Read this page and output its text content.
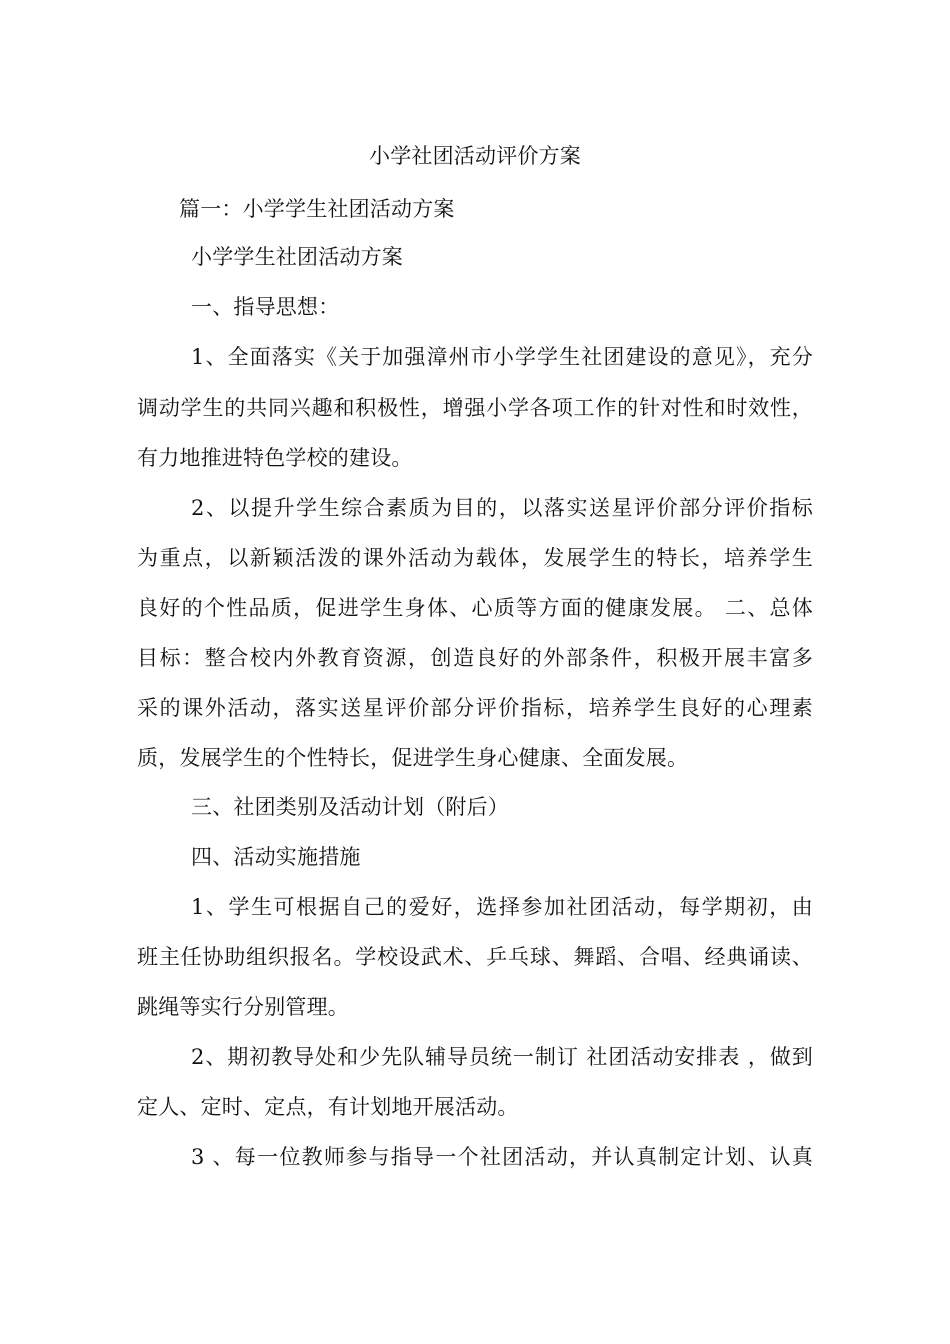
小学社团活动评价方案
篇一：小学学生社团活动方案
小学学生社团活动方案
一、指导思想：
1、全面落实《关于加强漳州市小学学生社团建设的意见》，充分
调动学生的共同兴趣和积极性，增强小学各项工作的针对性和时效性，
有力地推进特色学校的建设。
2、以提升学生综合素质为目的，以落实送星评价部分评价指标
为重点，以新颖活泼的课外活动为载体，发展学生的特长，培养学生
良好的个性品质，促进学生身体、心质等方面的健康发展。 二、总体
目标：整合校内外教育资源，创造良好的外部条件，积极开展丰富多
采的课外活动，落实送星评价部分评价指标，培养学生良好的心理素
质，发展学生的个性特长，促进学生身心健康、全面发展。
三、社团类别及活动计划（附后）
四、活动实施措施
1、学生可根据自己的爱好，选择参加社团活动，每学期初，由
班主任协助组织报名。学校设武术、乒乓球、舞蹈、合唱、经典诵读、
跳绳等实行分别管理。
2、期初教导处和少先队辅导员统一制订 社团活动安排表 ，做到
定人、定时、定点，有计划地开展活动。
3 、每一位教师参与指导一个社团活动，并认真制定计划、认真
